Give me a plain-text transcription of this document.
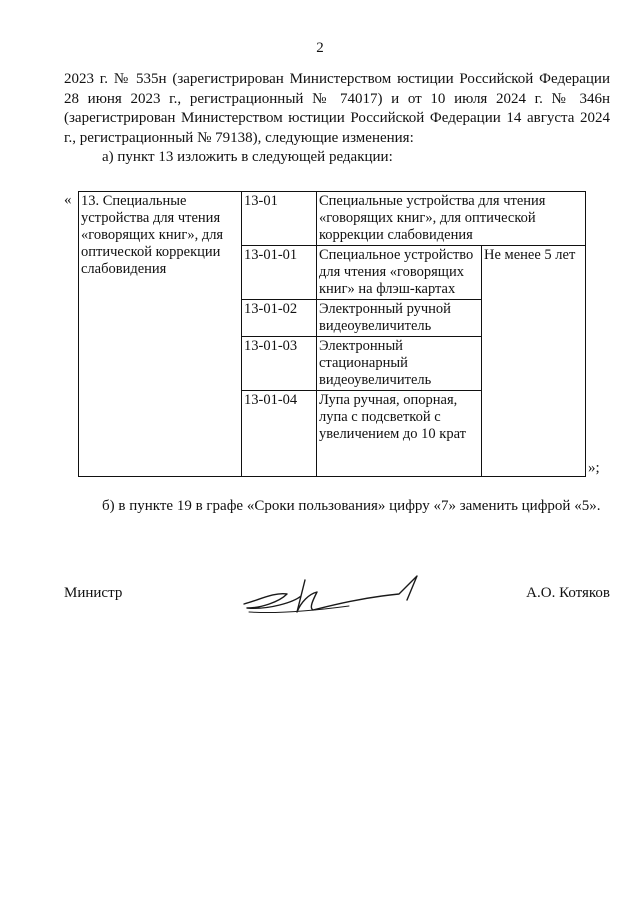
2

2023 г. № 535н (зарегистрирован Министерством юстиции Российской Федерации 28 июня 2023 г., регистрационный № 74017) и от 10 июля 2024 г. № 346н (зарегистрирован Министерством юстиции Российской Федерации 14 августа 2024 г., регистрационный № 79138), следующие изменения:

а) пункт 13 изложить в следующей редакции:

« 13. Специальные устройства для чтения «говорящих книг», для оптической коррекции слабовидения	13-01	Специальные устройства для чтения «говорящих книг», для оптической коррекции слабовидения	
	13-01-01	Специальное устройство для чтения «говорящих книг» на флэш-картах	Не менее 5 лет
	13-01-02	Электронный ручной видеоувеличитель	
	13-01-03	Электронный стационарный видеоувеличитель	
	13-01-04	Лупа ручная, опорная, лупа с подсветкой с увеличением до 10 крат	
»;
б) в пункте 19 в графе «Сроки пользования» цифру «7» заменить цифрой «5».
Министр	А.О. Котяков
